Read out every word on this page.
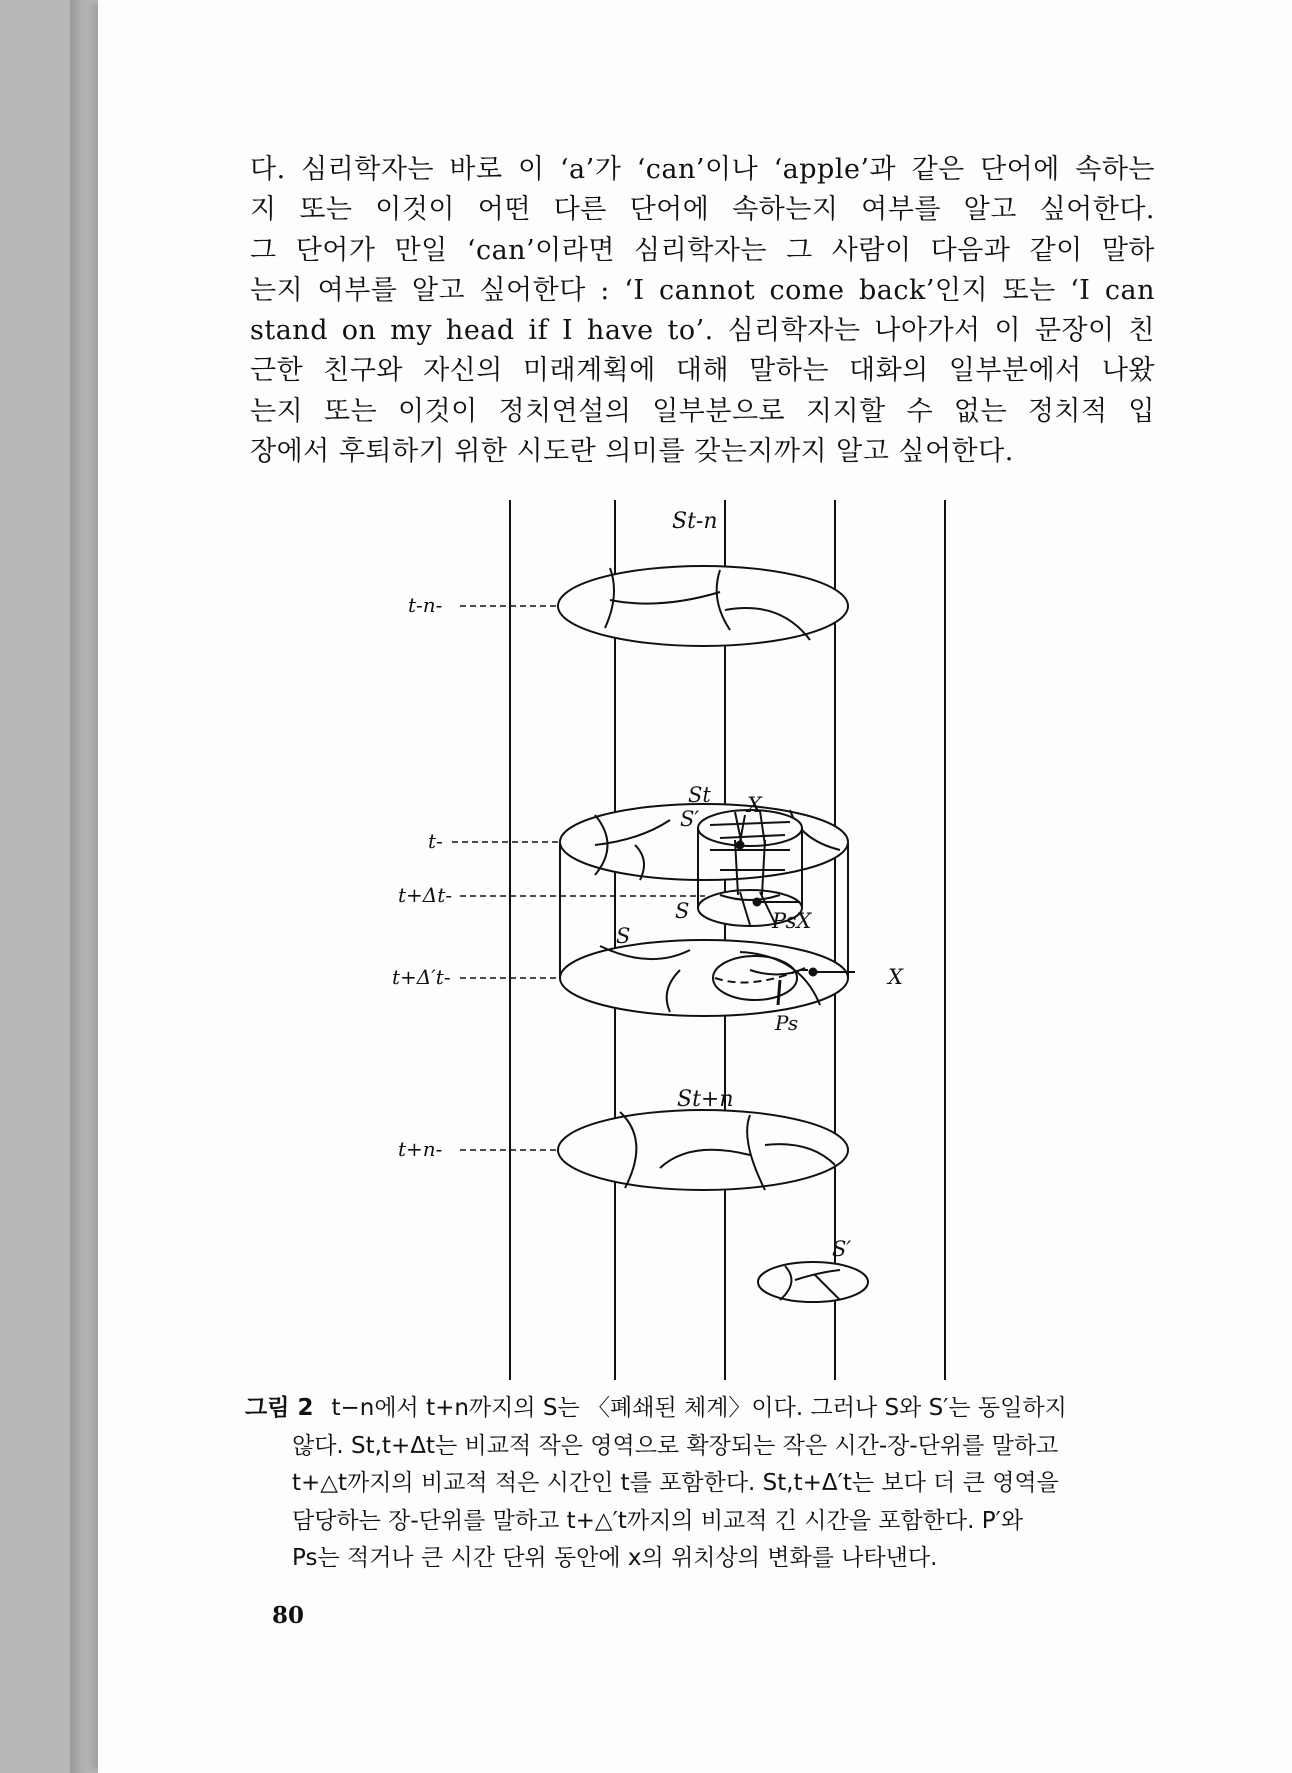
다. 심리학자는 바로 이 ‘a’가 ‘can’이나 ‘apple’과 같은 단어에 속하는
지 또는 이것이 어떤 다른 단어에 속하는지 여부를 알고 싶어한다.
그 단어가 만일 ‘can’이라면 심리학자는 그 사람이 다음과 같이 말하
는지 여부를 알고 싶어한다 : ‘I cannot come back’인지 또는 ‘I can
stand on my head if I have to’. 심리학자는 나아가서 이 문장이 친
근한 친구와 자신의 미래계획에 대해 말하는 대화의 일부분에서 나왔
는지 또는 이것이 정치연설의 일부분으로 지지할 수 없는 정치적 입
장에서 후퇴하기 위한 시도란 의미를 갖는지까지 알고 싶어한다.
St-n
t-n-
St
S′
X
t-
t+Δt-
S	PsX
S
t+Δ′t-	X
Ps
St+n
t+n-
S′
그림 2 t−n에서 t+n까지의 S는 〈폐쇄된 체계〉이다. 그러나 S와 S′는 동일하지
않다. St,t+Δt는 비교적 작은 영역으로 확장되는 작은 시간-장-단위를 말하고
t+△t까지의 비교적 적은 시간인 t를 포함한다. St,t+Δ′t는 보다 더 큰 영역을
담당하는 장-단위를 말하고 t+△′t까지의 비교적 긴 시간을 포함한다. P′와
Ps는 적거나 큰 시간 단위 동안에 x의 위치상의 변화를 나타낸다.
80
